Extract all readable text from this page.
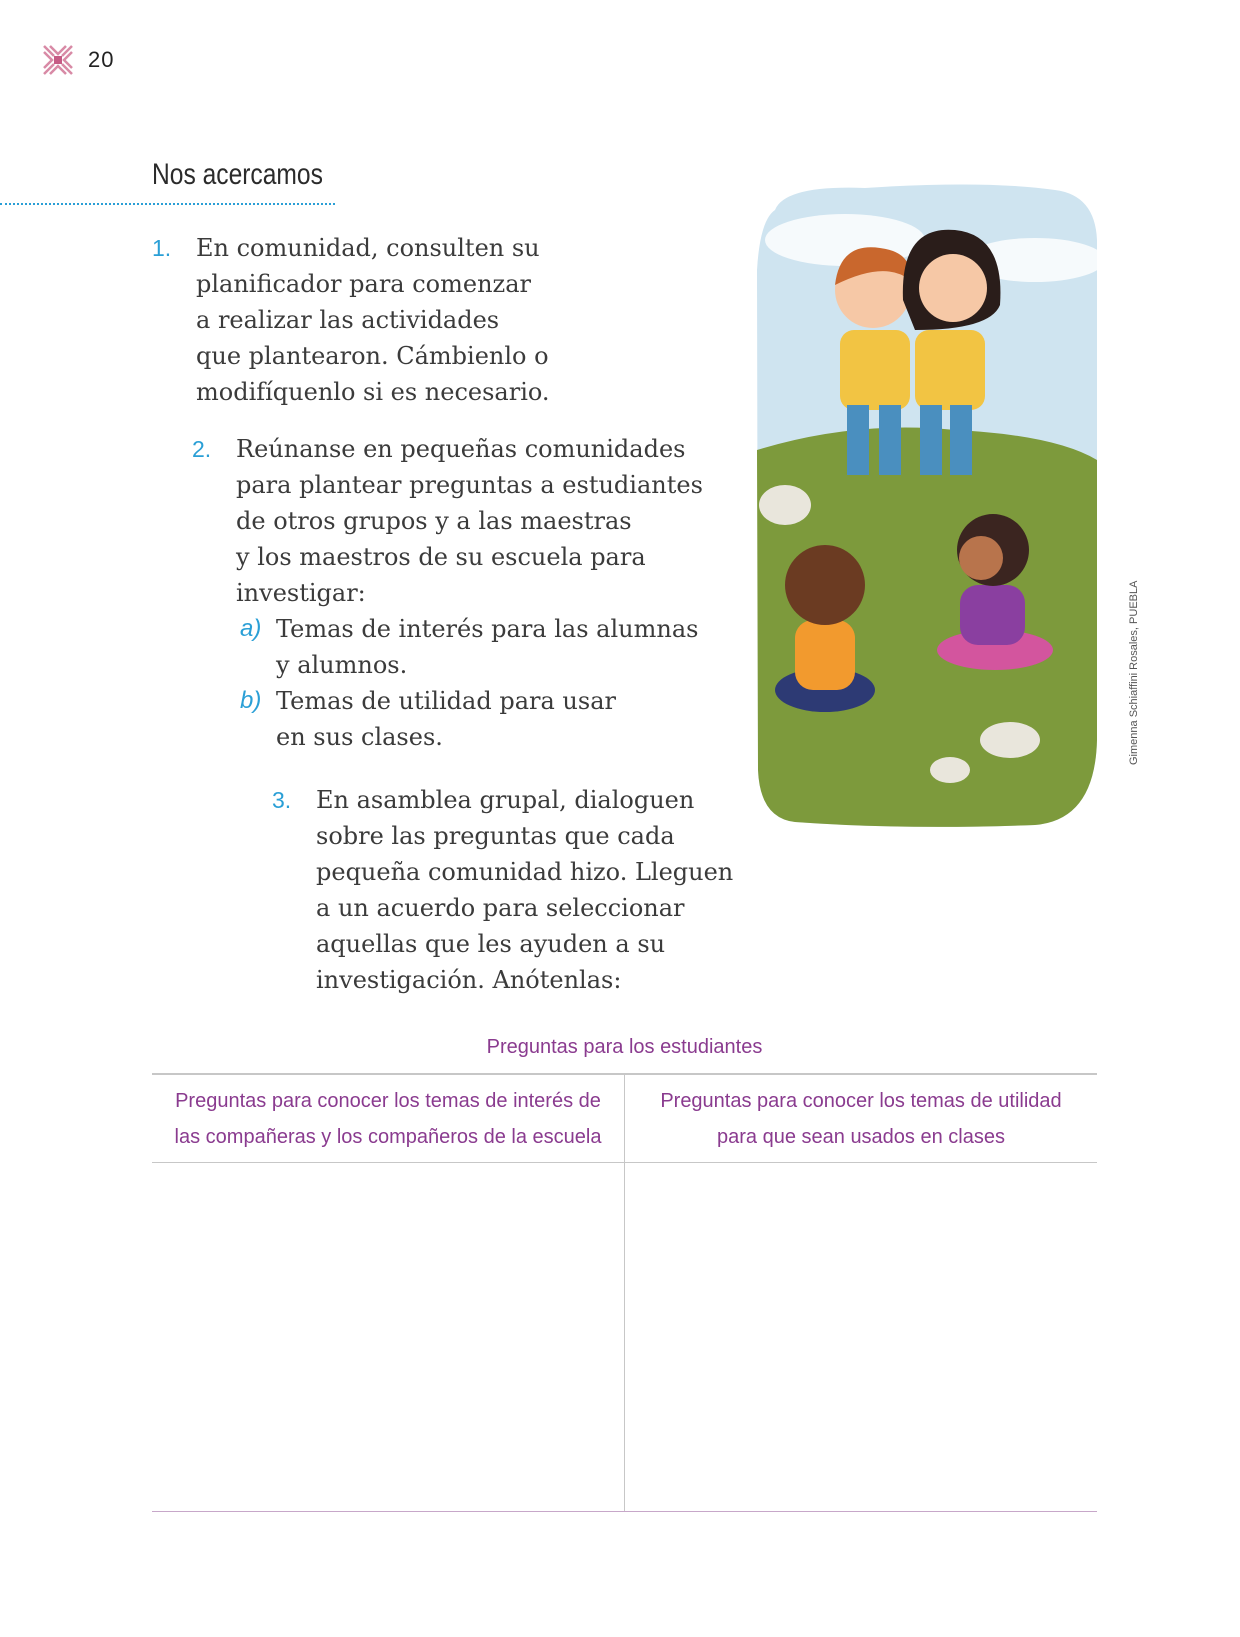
20
Nos acercamos
1. En comunidad, consulten su
planificador para comenzar
a realizar las actividades
que plantearon. Cámbienlo o
modifíquenlo si es necesario.
2. Reúnanse en pequeñas comunidades
para plantear preguntas a estudiantes
de otros grupos y a las maestras
y los maestros de su escuela para
investigar:
a) Temas de interés para las alumnas
y alumnos.
b) Temas de utilidad para usar
en sus clases.
3. En asamblea grupal, dialoguen
sobre las preguntas que cada
pequeña comunidad hizo. Lleguen
a un acuerdo para seleccionar
aquellas que les ayuden a su
investigación. Anótenlas:
Gimenna Schiaffini Rosales, PUEBLA
Preguntas para los estudiantes
Preguntas para conocer los temas de interés de
las compañeras y los compañeros de la escuela
Preguntas para conocer los temas de utilidad
para que sean usados en clases
